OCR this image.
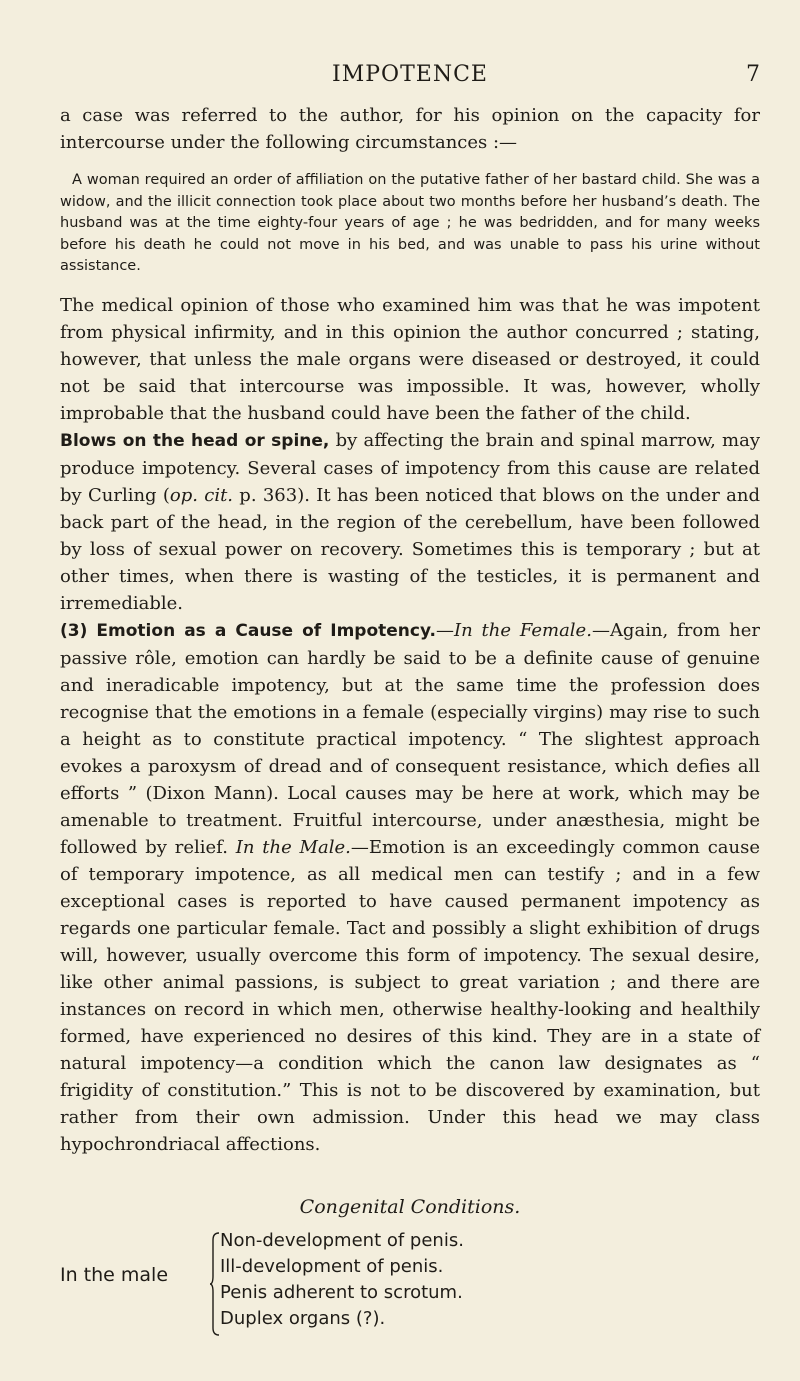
IMPOTENCE	7

a case was referred to the author, for his opinion on the capacity for intercourse under the following circumstances :—

A woman required an order of affiliation on the putative father of her bastard child. She was a widow, and the illicit connection took place about two months before her husband’s death. The husband was at the time eighty-four years of age ; he was bedridden, and for many weeks before his death he could not move in his bed, and was unable to pass his urine without assistance.

The medical opinion of those who examined him was that he was impotent from physical infirmity, and in this opinion the author concurred ; stating, however, that unless the male organs were diseased or destroyed, it could not be said that intercourse was impossible. It was, however, wholly improbable that the husband could have been the father of the child.

Blows on the head or spine, by affecting the brain and spinal marrow, may produce impotency. Several cases of impotency from this cause are related by Curling (op. cit. p. 363). It has been noticed that blows on the under and back part of the head, in the region of the cerebellum, have been followed by loss of sexual power on recovery. Sometimes this is temporary ; but at other times, when there is wasting of the testicles, it is permanent and irremediable.

(3) Emotion as a Cause of Impotency.—In the Female.—Again, from her passive rôle, emotion can hardly be said to be a definite cause of genuine and ineradicable impotency, but at the same time the profession does recognise that the emotions in a female (especially virgins) may rise to such a height as to constitute practical impotency. “ The slightest approach evokes a paroxysm of dread and of consequent resistance, which defies all efforts ” (Dixon Mann). Local causes may be here at work, which may be amenable to treatment. Fruitful intercourse, under anæsthesia, might be followed by relief. In the Male.—Emotion is an exceedingly common cause of temporary impotence, as all medical men can testify ; and in a few exceptional cases is reported to have caused permanent impotency as regards one particular female. Tact and possibly a slight exhibition of drugs will, however, usually overcome this form of impotency. The sexual desire, like other animal passions, is subject to great variation ; and there are instances on record in which men, otherwise healthy-looking and healthily formed, have experienced no desires of this kind. They are in a state of natural impotency—a condition which the canon law designates as “ frigidity of constitution.” This is not to be discovered by examination, but rather from their own admission. Under this head we may class hypochrondriacal affections.

Congenital Conditions.
In the male
Non-development of penis.
Ill-development of penis.
Penis adherent to scrotum.
Duplex organs (?).
